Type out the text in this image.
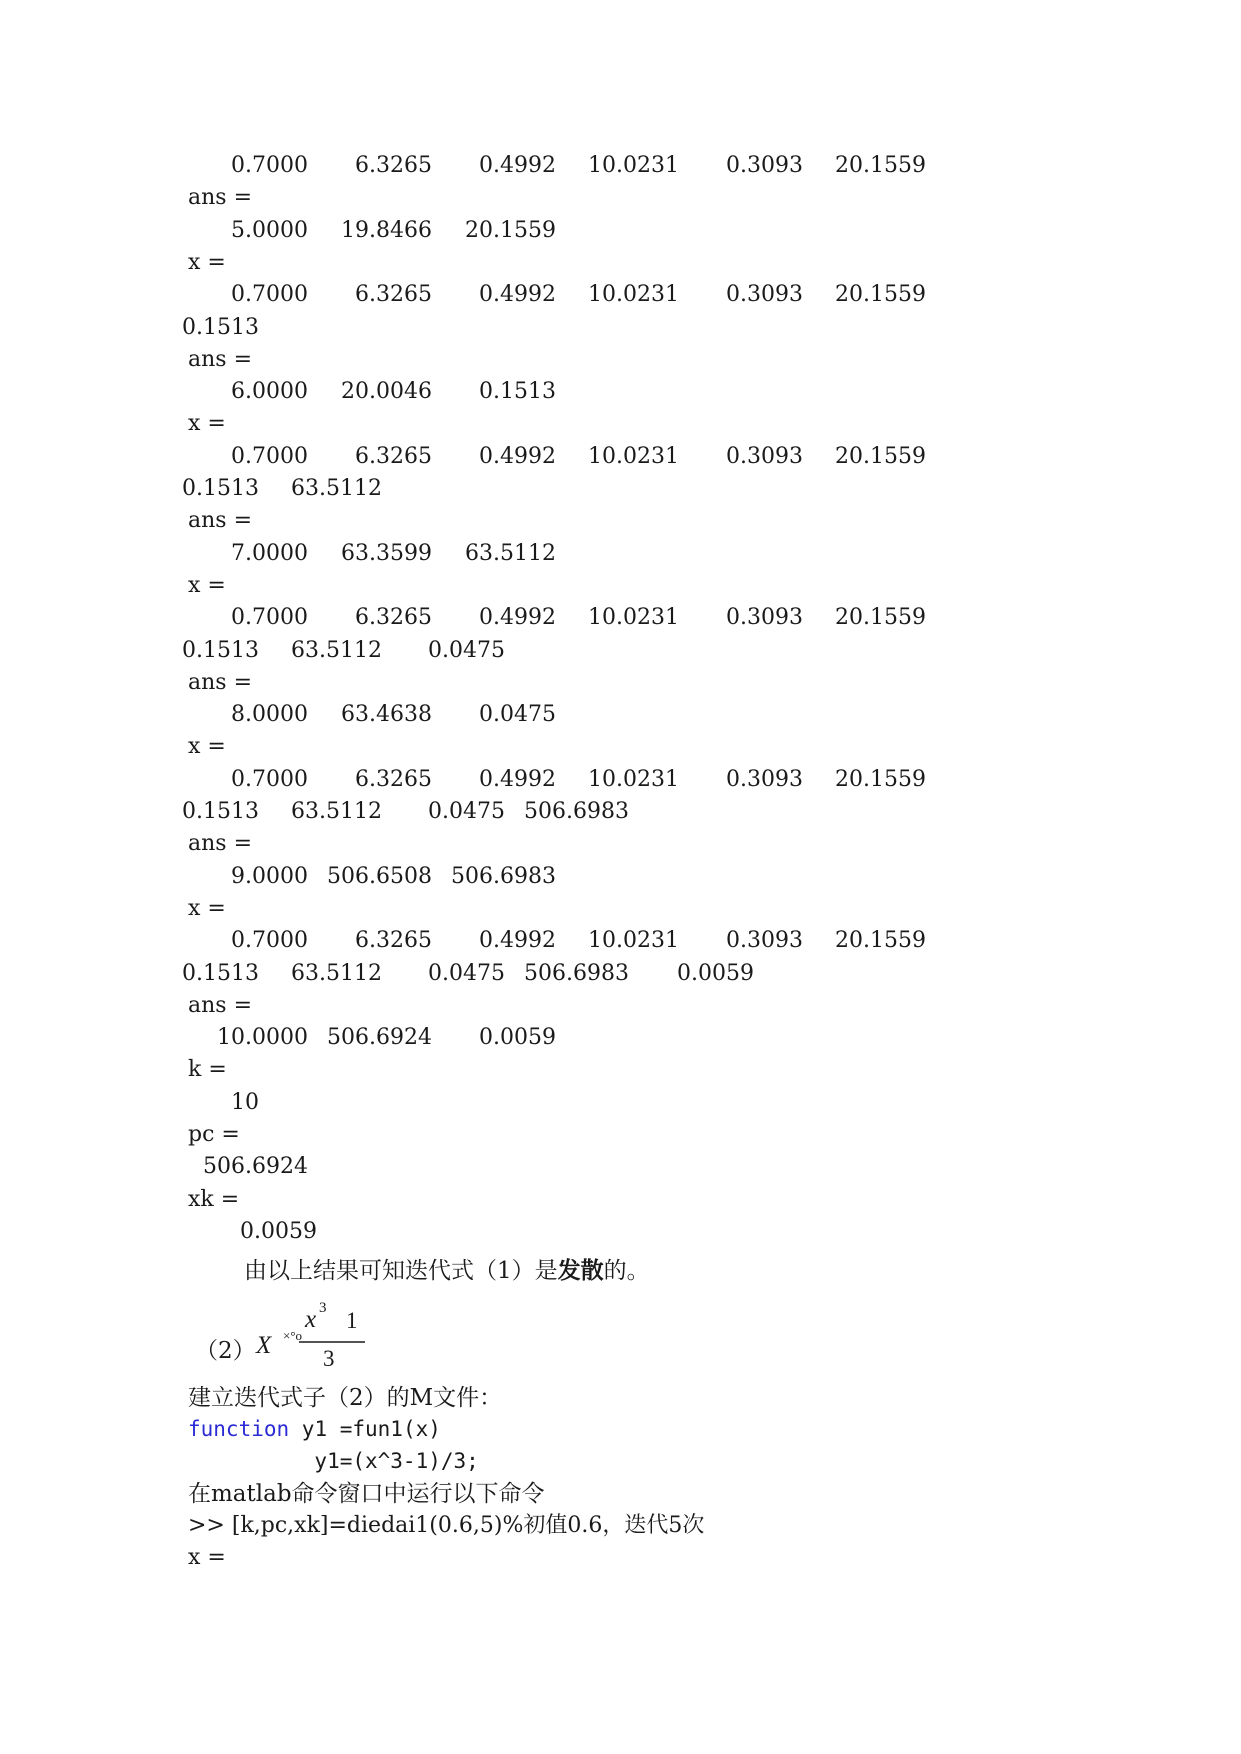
0.7000 6.3265 0.4992 10.0231 0.3093 20.1559
ans =
5.0000 19.8466 20.1559
x =
0.7000 6.3265 0.4992 10.0231 0.3093 20.1559
0.1513
ans =
6.0000 20.0046 0.1513
x =
0.7000 6.3265 0.4992 10.0231 0.3093 20.1559
0.1513 63.5112
ans =
7.0000 63.3599 63.5112
x =
0.7000 6.3265 0.4992 10.0231 0.3093 20.1559
0.1513 63.5112 0.0475
ans =
8.0000 63.4638 0.0475
x =
0.7000 6.3265 0.4992 10.0231 0.3093 20.1559
0.1513 63.5112 0.0475 506.6983
ans =
9.0000 506.6508 506.6983
x =
0.7000 6.3265 0.4992 10.0231 0.3093 20.1559
0.1513 63.5112 0.0475 506.6983 0.0059
ans =
10.0000 506.6924 0.0059
k =
10
pc =
506.6924
xk =
0.0059
由以上结果可知迭代式（1）是发散的。
（2） X ×°o
x 3 1
3
建立迭代式子（2）的M文件：
function y1 =fun1(x)
y1=(x^3-1)/3;
在matlab命令窗口中运行以下命令
>> [k,pc,xk]=diedai1(0.6,5)%初值0.6，迭代5次
x =
